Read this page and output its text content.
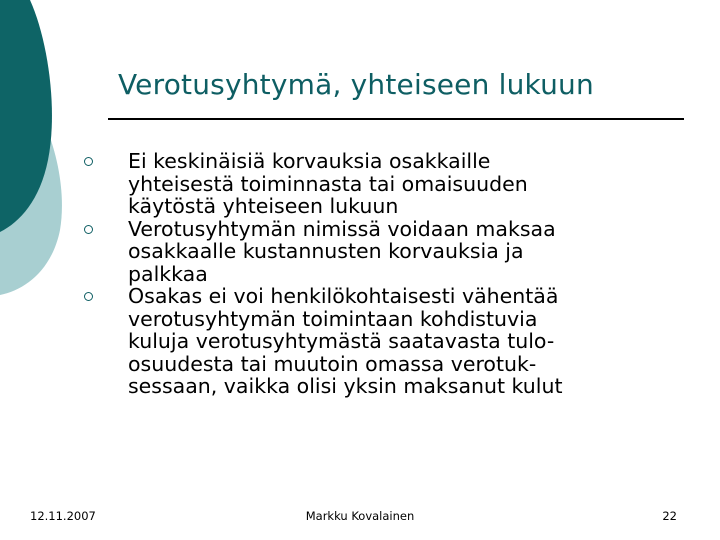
Verotusyhtymä, yhteiseen lukuun
Ei keskinäisiä korvauksia osakkaille
yhteisestä toiminnasta tai omaisuuden
käytöstä yhteiseen lukuun
Verotusyhtymän nimissä voidaan maksaa
osakkaalle kustannusten korvauksia ja
palkkaa
Osakas ei voi henkilökohtaisesti vähentää
verotusyhtymän toimintaan kohdistuvia
kuluja verotusyhtymästä saatavasta tulo-
osuudesta tai muutoin omassa verotuk-
sessaan, vaikka olisi yksin maksanut kulut
12.11.2007	Markku Kovalainen	22
